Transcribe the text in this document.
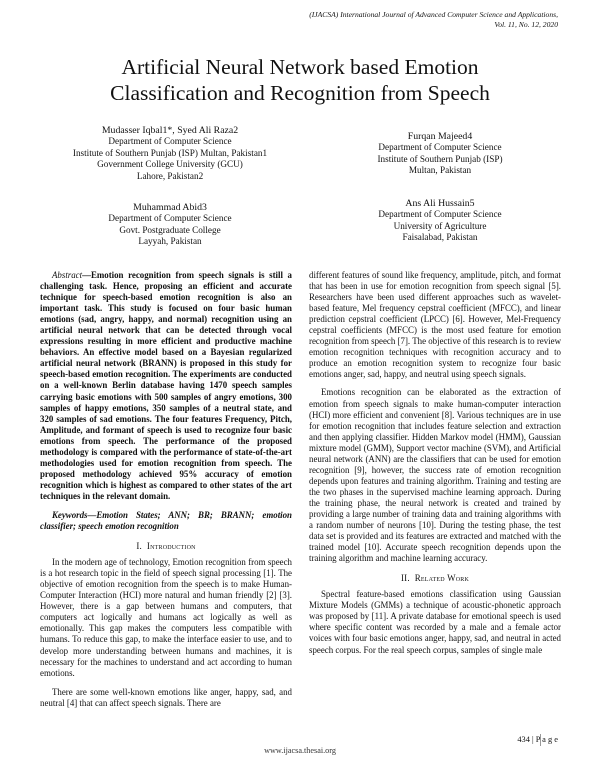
(IJACSA) International Journal of Advanced Computer Science and Applications,
Vol. 11, No. 12, 2020
Artificial Neural Network based Emotion
Classification and Recognition from Speech
Mudasser Iqbal1*, Syed Ali Raza2
Department of Computer Science
Institute of Southern Punjab (ISP) Multan, Pakistan1
Government College University (GCU)
Lahore, Pakistan2
Muhammad Abid3
Department of Computer Science
Govt. Postgraduate College
Layyah, Pakistan
Furqan Majeed4
Department of Computer Science
Institute of Southern Punjab (ISP)
Multan, Pakistan
Ans Ali Hussain5
Department of Computer Science
University of Agriculture
Faisalabad, Pakistan

Abstract—Emotion recognition from speech signals is still a challenging task. Hence, proposing an efficient and accurate technique for speech-based emotion recognition is also an important task. This study is focused on four basic human emotions (sad, angry, happy, and normal) recognition using an artificial neural network that can be detected through vocal expressions resulting in more efficient and productive machine behaviors. An effective model based on a Bayesian regularized artificial neural network (BRANN) is proposed in this study for speech-based emotion recognition. The experiments are conducted on a well-known Berlin database having 1470 speech samples carrying basic emotions with 500 samples of angry emotions, 300 samples of happy emotions, 350 samples of a neutral state, and 320 samples of sad emotions. The four features Frequency, Pitch, Amplitude, and formant of speech is used to recognize four basic emotions from speech. The performance of the proposed methodology is compared with the performance of state-of-the-art methodologies used for emotion recognition from speech. The proposed methodology achieved 95% accuracy of emotion recognition which is highest as compared to other states of the art techniques in the relevant domain.

Keywords—Emotion States; ANN; BR; BRANN; emotion classifier; speech emotion recognition

I. Introduction

In the modern age of technology, Emotion recognition from speech is a hot research topic in the field of speech signal processing [1]. The objective of emotion recognition from the speech is to make Human-Computer Interaction (HCI) more natural and human friendly [2] [3]. However, there is a gap between humans and computers, that computers act logically and humans act logically as well as emotionally. This gap makes the computers less compatible with humans. To reduce this gap, to make the interface easier to use, and to develop more understanding between humans and machines, it is necessary for the machines to understand and act according to human emotions.

There are some well-known emotions like anger, happy, sad, and neutral [4] that can affect speech signals. There are

different features of sound like frequency, amplitude, pitch, and format that has been in use for emotion recognition from speech signal [5]. Researchers have been used different approaches such as wavelet-based feature, Mel frequency cepstral coefficient (MFCC), and linear prediction cepstral coefficient (LPCC) [6]. However, Mel-Frequency cepstral coefficients (MFCC) is the most used feature for emotion recognition from speech [7]. The objective of this research is to review emotion recognition techniques with recognition accuracy and to produce an emotion recognition system to recognize four basic emotions anger, sad, happy, and neutral using speech signals.

Emotions recognition can be elaborated as the extraction of emotion from speech signals to make human-computer interaction (HCI) more efficient and convenient [8]. Various techniques are in use for emotion recognition that includes feature selection and extraction and then applying classifier. Hidden Markov model (HMM), Gaussian mixture model (GMM), Support vector machine (SVM), and Artificial neural network (ANN) are the classifiers that can be used for emotion recognition [9], however, the success rate of emotion recognition depends upon features and training algorithm. Training and testing are the two phases in the supervised machine learning approach. During the training phase, the neural network is created and trained by providing a large number of training data and training algorithms with a random number of neurons [10]. During the testing phase, the test data set is provided and its features are extracted and matched with the trained model [10]. Accurate speech recognition depends upon the training algorithm and machine learning accuracy.

II. Related Work

Spectral feature-based emotions classification using Gaussian Mixture Models (GMMs) a technique of acoustic-phonetic approach was proposed by [11]. A private database for emotional speech is used where specific content was recorded by a male and a female actor voices with four basic emotions anger, happy, sad, and neutral in acted speech corpus. For the real speech corpus, samples of single male

434 | P a g e
www.ijacsa.thesai.org
